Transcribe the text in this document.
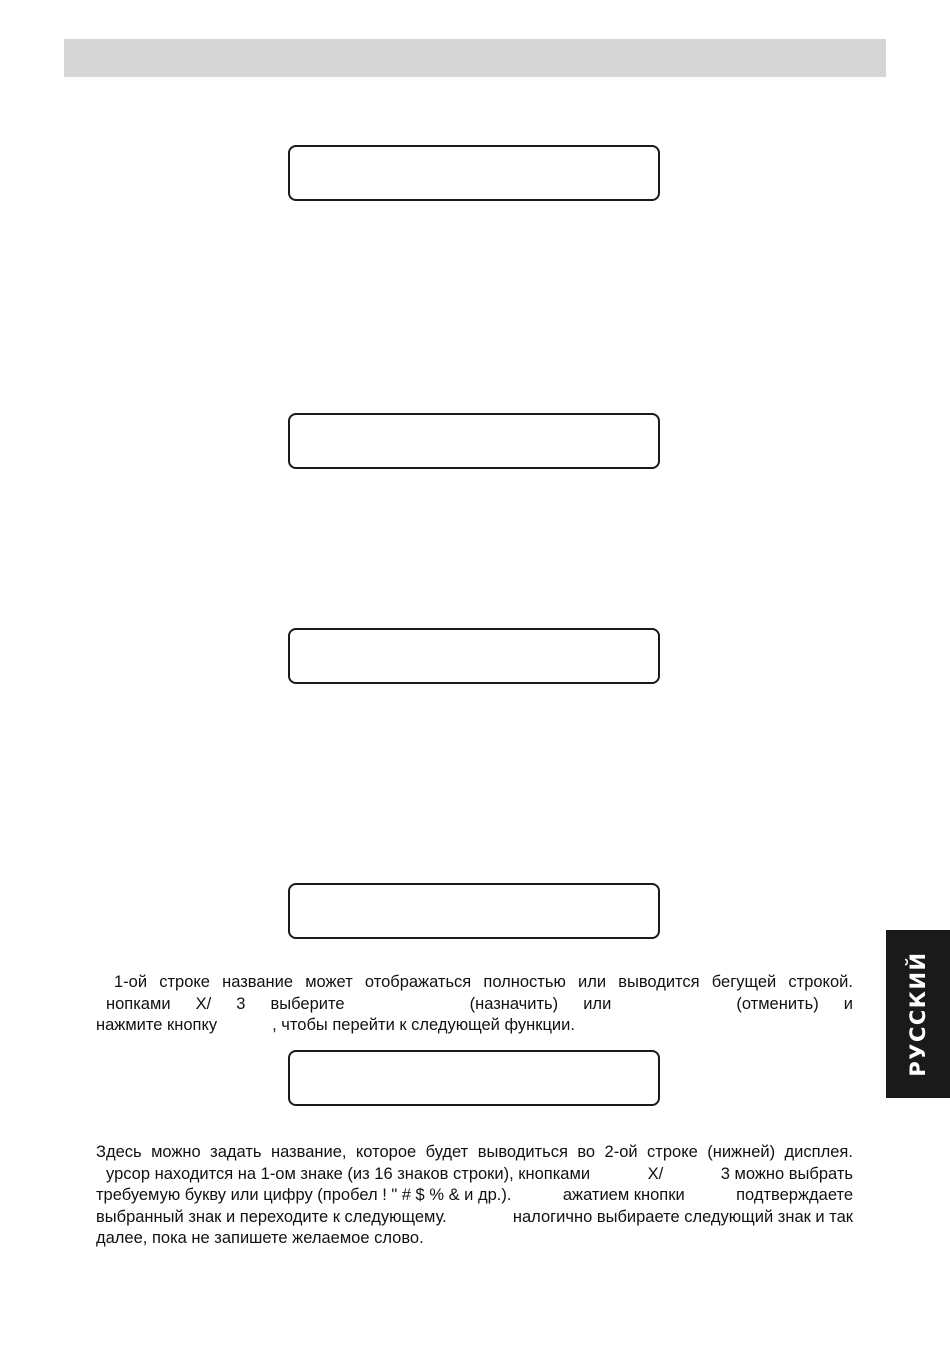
1-ой строке название может отображаться полностью или выводится бегущей строкой.
нопками X/ 3 выберите	(назначить) или	(отменить) и
нажмите кнопку            , чтобы перейти к следующей функции.
Здесь можно задать название, которое будет выводиться во 2-ой строке (нижней) дисплея.
урсор находится на 1-ом знаке (из 16 знаков строки), кнопками	X/	3 можно выбрать
требуемую букву или цифру (пробел ! " # $ % & и др.).	ажатием кнопки	подтверждаете
выбранный знак и переходите к следующему.	налогично выбираете следующий знак и так
далее, пока не запишете желаемое слово.
РУССКИЙ
